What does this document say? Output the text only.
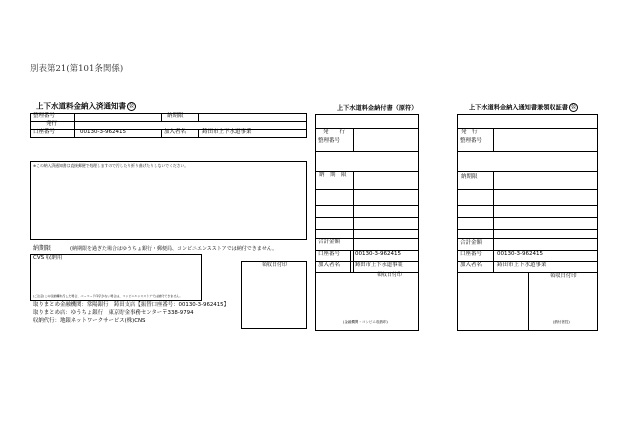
別表第21(第101条関係)
上下水道料金納入済通知書 公
整理番号
発行
口座番号	00130-3-962415
納期限
加入者名	鋳田市上下水道事業
※この納入済通知書は直接郵便で処理しますので汚したり折り曲げたりしないでください。
納期限	(納期限を過ぎた場合はゆうちょ銀行・郵便局、コンビニエンスストアでは納付できません。
CVS 収納用
(ご注意)この収納欄を汚した場合、バーコード印字がない場合は、コンビニエンスストアでは納付できません。
領収日付印
取りまとめ金融機関：常陽銀行　鋳田支店【振替口座番号：00130-3-962415】
取りまとめ店：ゆうちょ銀行　東京貯金事務センター〒338-9794
収納代行：地銀ネットワークサービス(株)CNS
上下水道料金納付書（原符）
発　　行
整理番号
納　期　限
合計金額
口座番号	00130-3-962415
加入者名	鋳田市上下水道事業
領収日付印
(金融機関・コンビニ収納印)
上下水道料金納入通知書兼領収証書 公
発　行
整理番号
納期限
合計金額
口座番号	00130-3-962415
加入者名	鋳田市上下水道事業
領収日付印
(納付者控)
